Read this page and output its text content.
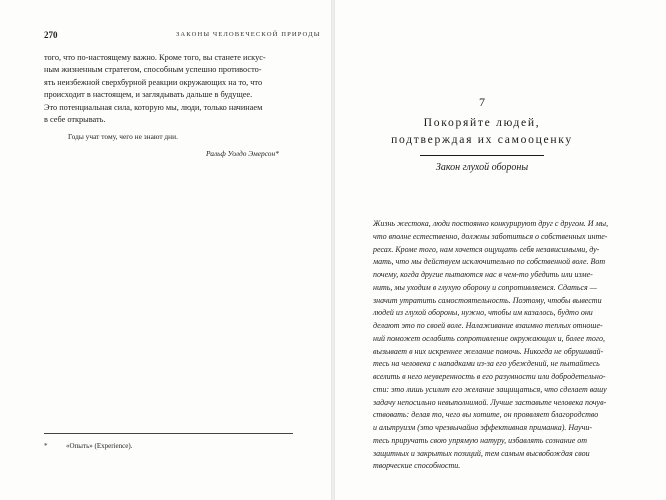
270	ЗАКОНЫ ЧЕЛОВЕЧЕСКОЙ ПРИРОДЫ
того, что по-настоящему важно. Кроме того, вы станете искус-
ным жизненным стратегом, способным успешно противосто-
ять неизбежной сверхбурной реакции окружающих на то, что
происходит в настоящем, и заглядывать дальше в будущее.
Это потенциальная сила, которую мы, люди, только начинаем
в себе открывать.
Годы учат тому, чего не знают дни.
Ральф Уолдо Эмерсон*
*	«Опыть» (Experience).
7
Покоряйте людей,
подтверждая их самооценку
Закон глухой обороны
Жизнь жестока, люди постоянно конкурируют друг с другом. И мы,
что вполне естественно, должны заботиться о собственных инте-
ресах. Кроме того, нам хочется ощущать себя независимыми, ду-
мать, что мы действуем исключительно по собственной воле. Вот
почему, когда другие пытаются нас в чем-то убедить или изме-
нить, мы уходим в глухую оборону и сопротивляемся. Сдаться —
значит утратить самостоятельность. Поэтому, чтобы вывести
людей из глухой обороны, нужно, чтобы им казалось, будто они
делают это по своей воле. Налаживание взаимно теплых отноше-
ний поможет ослабить сопротивление окружающих и, более того,
вызывает в них искреннее желание помочь. Никогда не обрушивай-
тесь на человека с нападками из-за его убеждений, не пытайтесь
вселить в него неуверенность в его разумности или добродетельно-
сти: это лишь усилит его желание защищаться, что сделает вашу
задачу непосильно невыполнимой. Лучше заставьте человека почув-
ствовать: делая то, чего вы хотите, он проявляет благородство
и альтруизм (это чрезвычайно эффективная приманка). Научи-
тесь приручать свою упрямую натуру, избавлять сознание от
защитных и закрытых позиций, тем самым высвобождая свои
творческие способности.
